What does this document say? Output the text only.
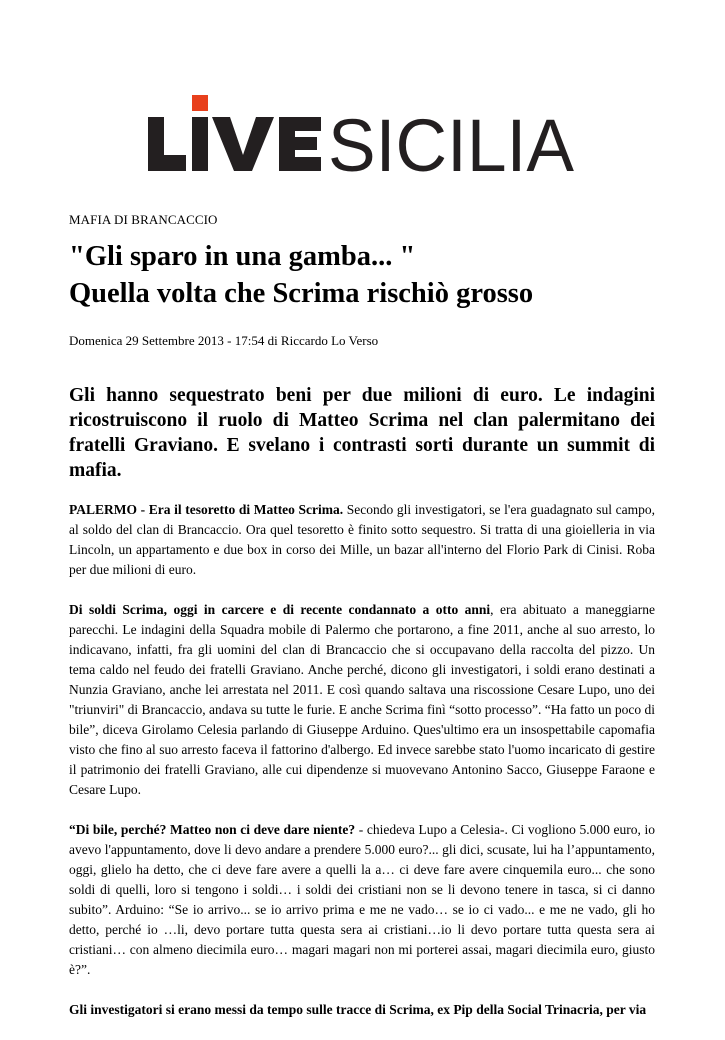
SICILIA
MAFIA DI BRANCACCIO
"Gli sparo in una gamba... "
Quella volta che Scrima rischiò grosso
Domenica 29 Settembre 2013 - 17:54 di Riccardo Lo Verso

Gli hanno sequestrato beni per due milioni di euro. Le indagini ricostruiscono il ruolo di Matteo Scrima nel clan palermitano dei fratelli Graviano. E svelano i contrasti sorti durante un summit di mafia.

PALERMO - Era il tesoretto di Matteo Scrima. Secondo gli investigatori, se l'era guadagnato sul campo, al soldo del clan di Brancaccio. Ora quel tesoretto è finito sotto sequestro. Si tratta di una gioielleria in via Lincoln, un appartamento e due box in corso dei Mille, un bazar all'interno del Florio Park di Cinisi. Roba per due milioni di euro.

Di soldi Scrima, oggi in carcere e di recente condannato a otto anni, era abituato a maneggiarne parecchi. Le indagini della Squadra mobile di Palermo che portarono, a fine 2011, anche al suo arresto, lo indicavano, infatti, fra gli uomini del clan di Brancaccio che si occupavano della raccolta del pizzo. Un tema caldo nel feudo dei fratelli Graviano. Anche perché, dicono gli investigatori, i soldi erano destinati a Nunzia Graviano, anche lei arrestata nel 2011. E così quando saltava una riscossione Cesare Lupo, uno dei "triunviri" di Brancaccio, andava su tutte le furie. E anche Scrima finì “sotto processo”. “Ha fatto un poco di bile”, diceva Girolamo Celesia parlando di Giuseppe Arduino. Ques'ultimo era un insospettabile capomafia visto che fino al suo arresto faceva il fattorino d'albergo. Ed invece sarebbe stato l'uomo incaricato di gestire il patrimonio dei fratelli Graviano, alle cui dipendenze si muovevano Antonino Sacco, Giuseppe Faraone e Cesare Lupo.

“Di bile, perché? Matteo non ci deve dare niente? - chiedeva Lupo a Celesia-. Ci vogliono 5.000 euro, io avevo l'appuntamento, dove li devo andare a prendere 5.000 euro?... gli dici, scusate, lui ha l’appuntamento, oggi, glielo ha detto, che ci deve fare avere a quelli la a… ci deve fare avere cinquemila euro... che sono soldi di quelli, loro si tengono i soldi… i soldi dei cristiani non se li devono tenere in tasca, si ci danno subito”. Arduino: “Se io arrivo... se io arrivo prima e me ne vado… se io ci vado... e me ne vado, gli ho detto, perché io …li, devo portare tutta questa sera ai cristiani…io li devo portare tutta questa sera ai cristiani… con almeno diecimila euro… magari magari non mi porterei assai, magari diecimila euro, giusto è?”.

Gli investigatori si erano messi da tempo sulle tracce di Scrima, ex Pip della Social Trinacria, per via
